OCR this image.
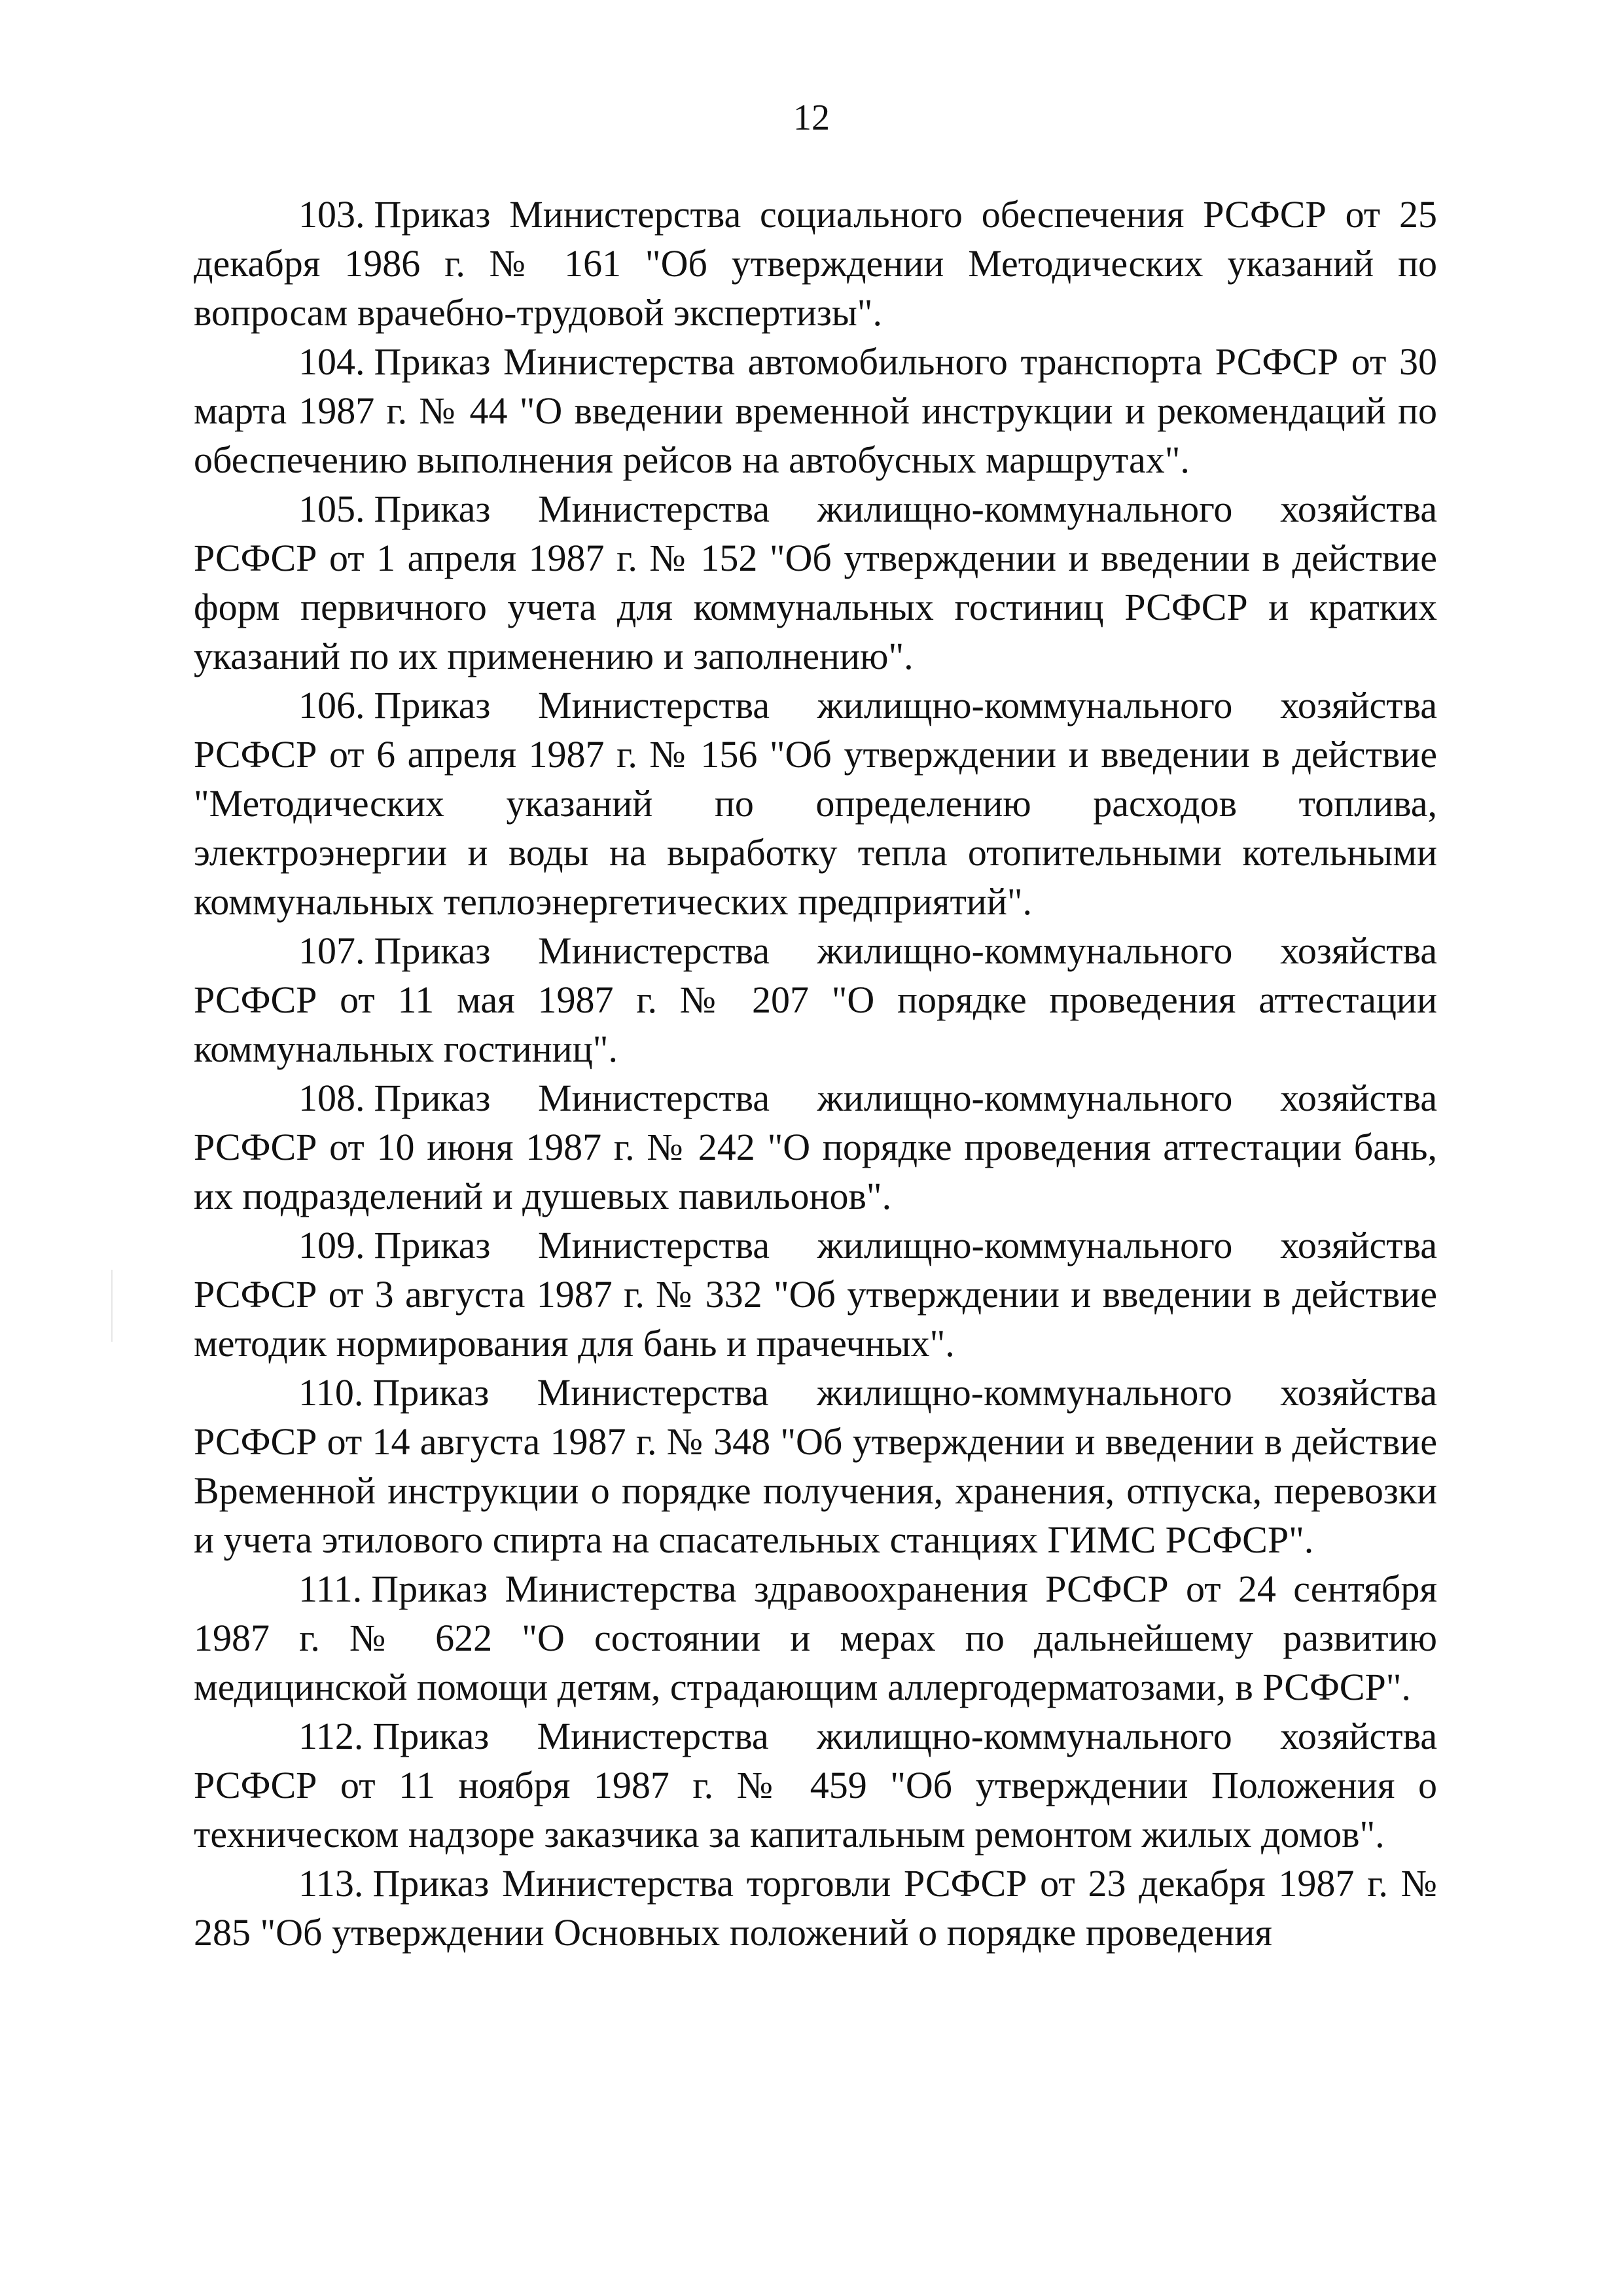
12

103. Приказ Министерства социального обеспечения РСФСР от 25 декабря 1986 г. № 161 "Об утверждении Методических указаний по вопросам врачебно-трудовой экспертизы".

104. Приказ Министерства автомобильного транспорта РСФСР от 30 марта 1987 г. № 44 "О введении временной инструкции и рекомендаций по обеспечению выполнения рейсов на автобусных маршрутах".

105. Приказ Министерства жилищно-коммунального хозяйства РСФСР от 1 апреля 1987 г. № 152 "Об утверждении и введении в действие форм первичного учета для коммунальных гостиниц РСФСР и кратких указаний по их применению и заполнению".

106. Приказ Министерства жилищно-коммунального хозяйства РСФСР от 6 апреля 1987 г. № 156 "Об утверждении и введении в действие "Методических указаний по определению расходов топлива, электроэнергии и воды на выработку тепла отопительными котельными коммунальных теплоэнергетических предприятий".

107. Приказ Министерства жилищно-коммунального хозяйства РСФСР от 11 мая 1987 г. № 207 "О порядке проведения аттестации коммунальных гостиниц".

108. Приказ Министерства жилищно-коммунального хозяйства РСФСР от 10 июня 1987 г. № 242 "О порядке проведения аттестации бань, их подразделений и душевых павильонов".

109. Приказ Министерства жилищно-коммунального хозяйства РСФСР от 3 августа 1987 г. № 332 "Об утверждении и введении в действие методик нормирования для бань и прачечных".

110. Приказ Министерства жилищно-коммунального хозяйства РСФСР от 14 августа 1987 г. № 348 "Об утверждении и введении в действие Временной инструкции о порядке получения, хранения, отпуска, перевозки и учета этилового спирта на спасательных станциях ГИМС РСФСР".

111. Приказ Министерства здравоохранения РСФСР от 24 сентября 1987 г. № 622 "О состоянии и мерах по дальнейшему развитию медицинской помощи детям, страдающим аллергодерматозами, в РСФСР".

112. Приказ Министерства жилищно-коммунального хозяйства РСФСР от 11 ноября 1987 г. № 459 "Об утверждении Положения о техническом надзоре заказчика за капитальным ремонтом жилых домов".

113. Приказ Министерства торговли РСФСР от 23 декабря 1987 г. № 285 "Об утверждении Основных положений о порядке проведения
